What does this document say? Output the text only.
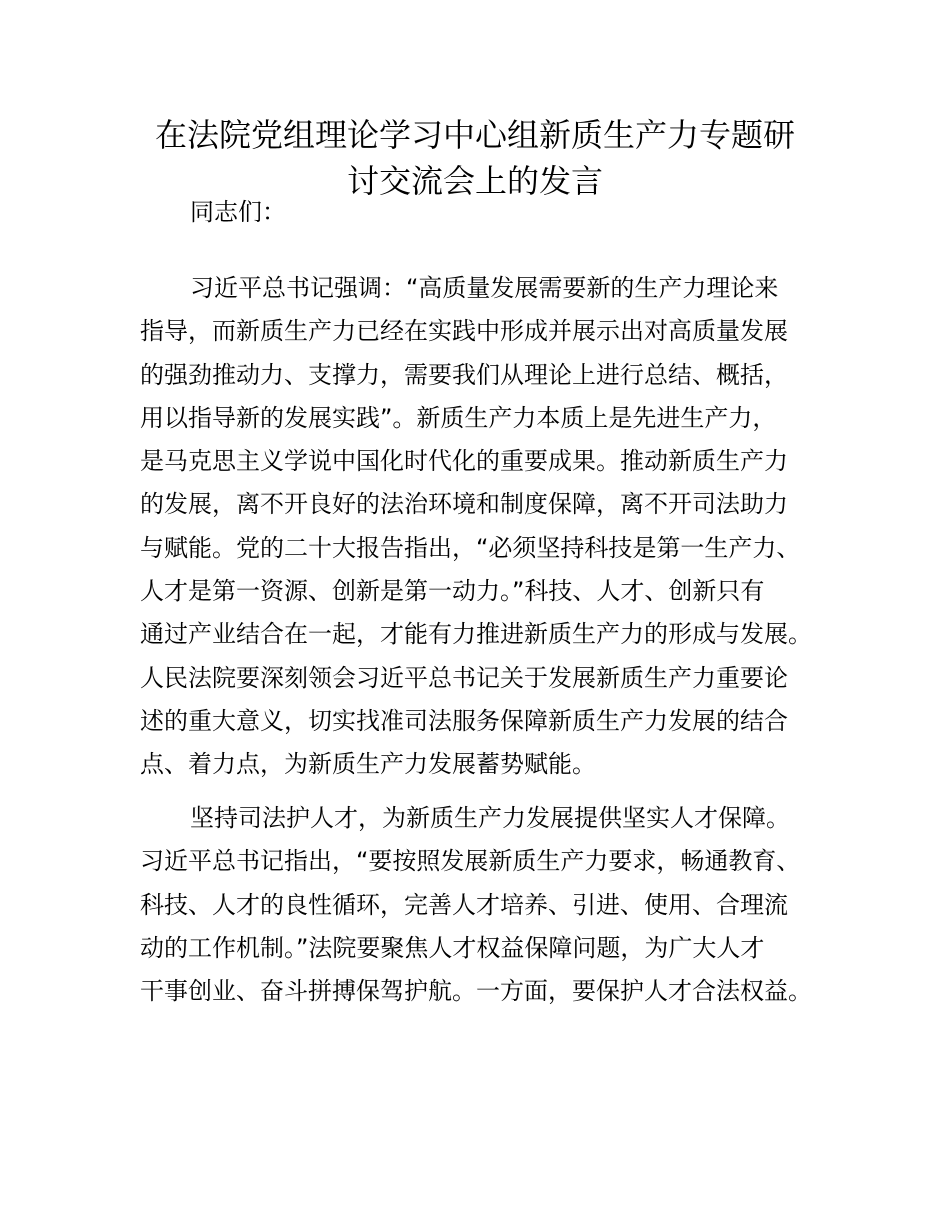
在法院党组理论学习中心组新质生产力专题研
讨交流会上的发言

同志们：

习近平总书记强调：“高质量发展需要新的生产力理论来
指导，而新质生产力已经在实践中形成并展示出对高质量发展
的强劲推动力、支撑力，需要我们从理论上进行总结、概括，
用以指导新的发展实践”。新质生产力本质上是先进生产力，
是马克思主义学说中国化时代化的重要成果。推动新质生产力
的发展，离不开良好的法治环境和制度保障，离不开司法助力
与赋能。党的二十大报告指出，“必须坚持科技是第一生产力、
人才是第一资源、创新是第一动力。”科技、人才、创新只有
通过产业结合在一起，才能有力推进新质生产力的形成与发展。
人民法院要深刻领会习近平总书记关于发展新质生产力重要论
述的重大意义，切实找准司法服务保障新质生产力发展的结合
点、着力点，为新质生产力发展蓄势赋能。
坚持司法护人才，为新质生产力发展提供坚实人才保障。
习近平总书记指出，“要按照发展新质生产力要求，畅通教育、
科技、人才的良性循环，完善人才培养、引进、使用、合理流
动的工作机制。”法院要聚焦人才权益保障问题，为广大人才
干事创业、奋斗拼搏保驾护航。一方面，要保护人才合法权益。
